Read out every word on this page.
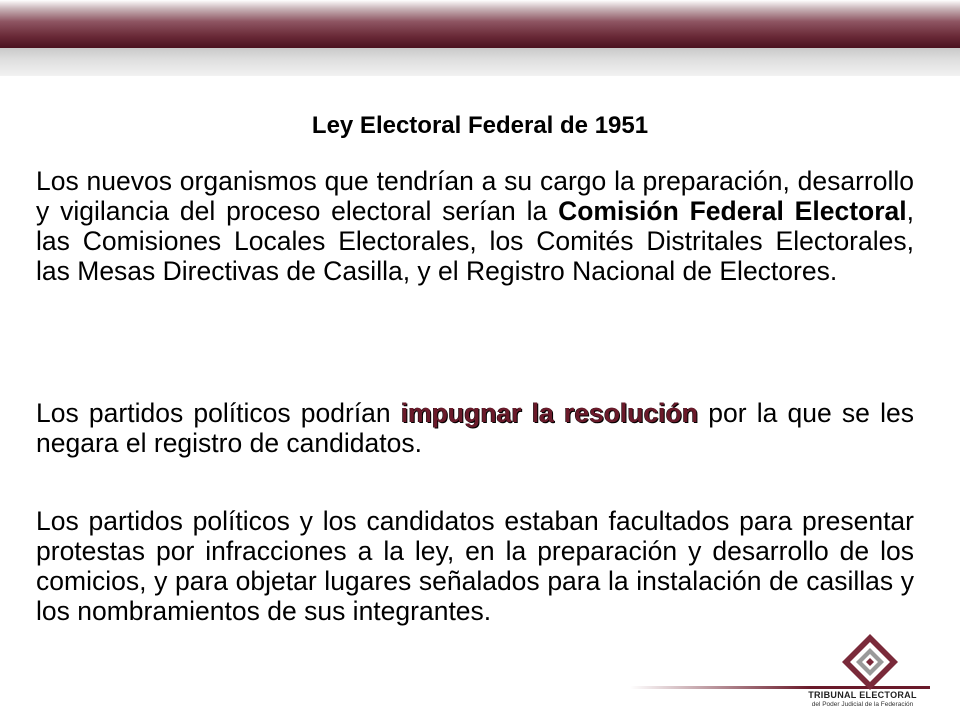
Ley Electoral Federal de 1951

Los nuevos organismos que tendrían a su cargo la preparación, desarrollo y vigilancia del proceso electoral serían la Comisión Federal Electoral, las Comisiones Locales Electorales, los Comités Distritales Electorales, las Mesas Directivas de Casilla, y el Registro Nacional de Electores.

Los partidos políticos podrían impugnar la resolución por la que se les negara el registro de candidatos.

Los partidos políticos y los candidatos estaban facultados para presentar protestas por infracciones a la ley, en la preparación y desarrollo de los comicios, y para objetar lugares señalados para la instalación de casillas y los nombramientos de sus integrantes.

TRIBUNAL ELECTORAL
del Poder Judicial de la Federación
